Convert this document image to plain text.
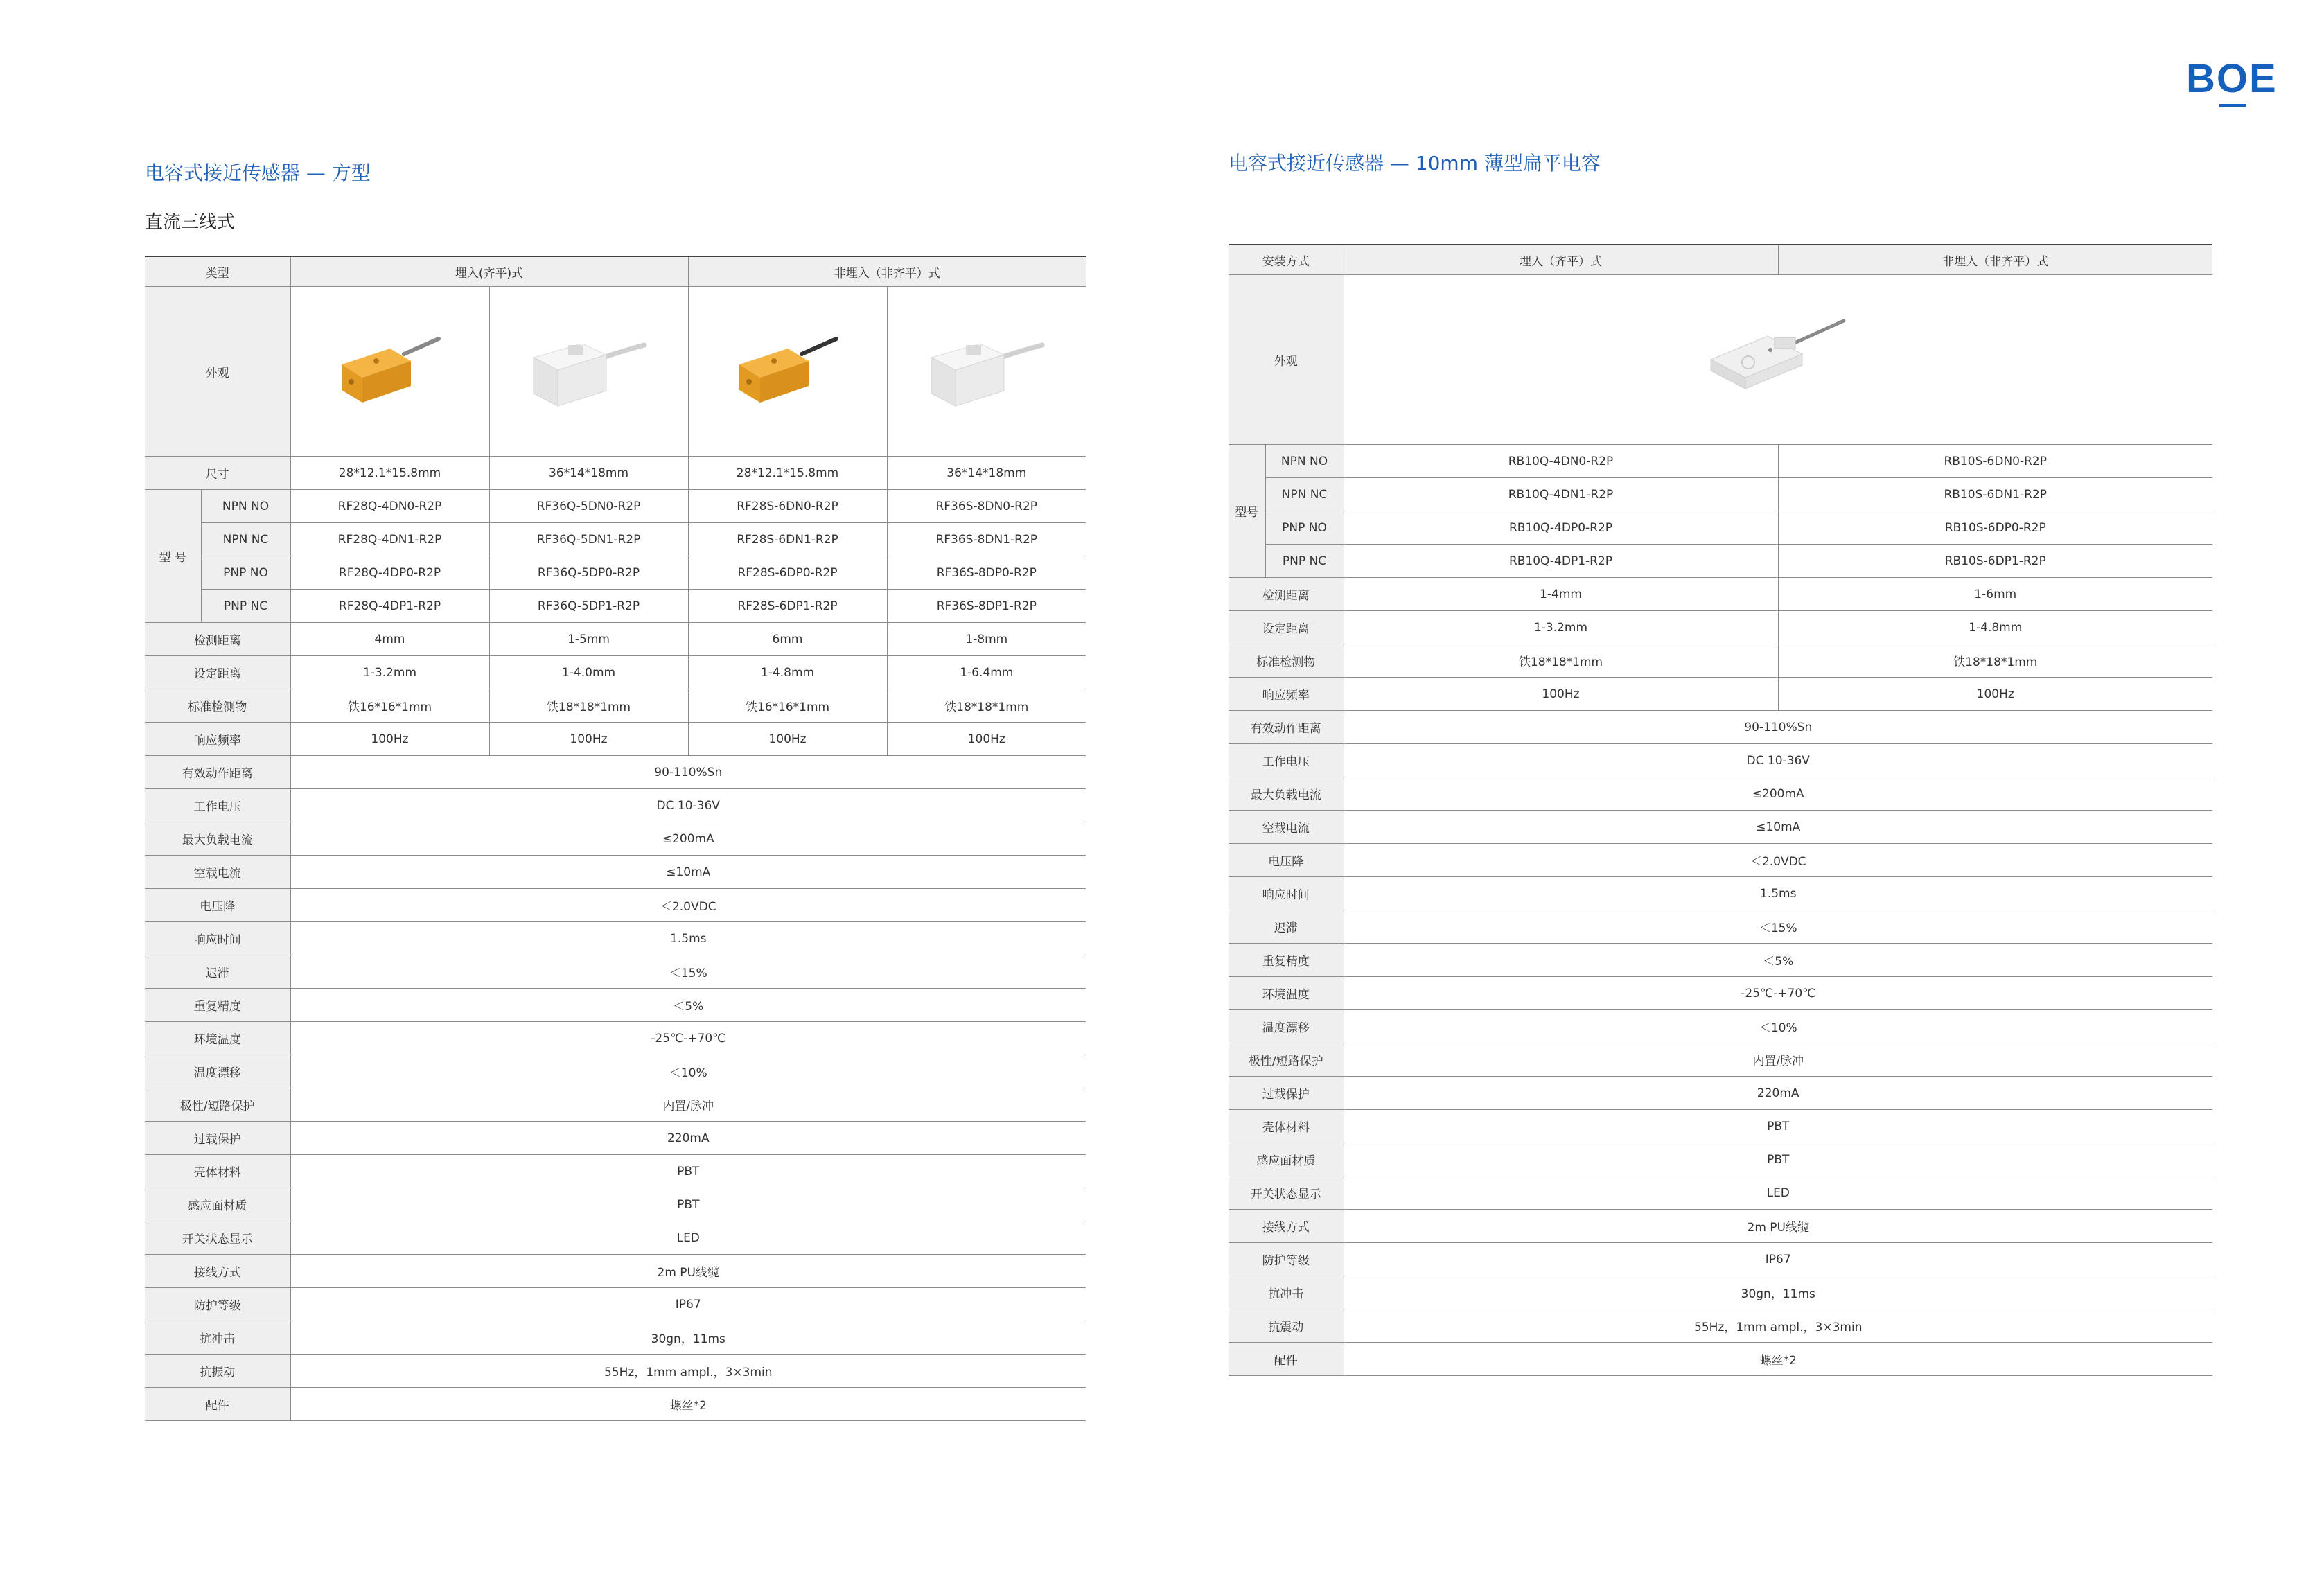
BOE
电容式接近传感器 — 方型
直流三线式
类型		埋入(齐平)式		非埋入（非齐平）式	
外观				
尺寸		28*12.1*15.8mm	36*14*18mm	28*12.1*15.8mm	36*14*18mm
型 号	NPN NO	RF28Q-4DN0-R2P	RF36Q-5DN0-R2P	RF28S-6DN0-R2P	RF36S-8DN0-R2P
	NPN NC	RF28Q-4DN1-R2P	RF36Q-5DN1-R2P	RF28S-6DN1-R2P	RF36S-8DN1-R2P
	PNP NO	RF28Q-4DP0-R2P	RF36Q-5DP0-R2P	RF28S-6DP0-R2P	RF36S-8DP0-R2P
	PNP NC	RF28Q-4DP1-R2P	RF36Q-5DP1-R2P	RF28S-6DP1-R2P	RF36S-8DP1-R2P
检测距离		4mm	1-5mm	6mm	1-8mm
设定距离		1-3.2mm	1-4.0mm	1-4.8mm	1-6.4mm
标准检测物		铁16*16*1mm	铁18*18*1mm	铁16*16*1mm	铁18*18*1mm
响应频率		100Hz	100Hz	100Hz	100Hz
有效动作距离		90-110%Sn			
工作电压		DC 10-36V			
最大负载电流		≤200mA			
空载电流		≤10mA			
电压降		＜2.0VDC			
响应时间		1.5ms			
迟滞		＜15%			
重复精度		＜5%			
环境温度		-25℃-+70℃			
温度漂移		＜10%			
极性/短路保护		内置/脉冲			
过载保护		220mA			
壳体材料		PBT			
感应面材质		PBT			
开关状态显示		LED			
接线方式		2m PU线缆			
防护等级		IP67			
抗冲击		30gn，11ms			
抗振动		55Hz，1mm ampl.，3×3min			
配件		螺丝*2			
电容式接近传感器 — 10mm 薄型扁平电容
安装方式		埋入（齐平）式	非埋入（非齐平）式
外观	
型号	NPN NO	RB10Q-4DN0-R2P	RB10S-6DN0-R2P
	NPN NC	RB10Q-4DN1-R2P	RB10S-6DN1-R2P
	PNP NO	RB10Q-4DP0-R2P	RB10S-6DP0-R2P
	PNP NC	RB10Q-4DP1-R2P	RB10S-6DP1-R2P
检测距离		1-4mm	1-6mm
设定距离		1-3.2mm	1-4.8mm
标准检测物		铁18*18*1mm	铁18*18*1mm
响应频率		100Hz	100Hz
有效动作距离		90-110%Sn	
工作电压		DC 10-36V	
最大负载电流		≤200mA	
空载电流		≤10mA	
电压降		＜2.0VDC	
响应时间		1.5ms	
迟滞		＜15%	
重复精度		＜5%	
环境温度		-25℃-+70℃	
温度漂移		＜10%	
极性/短路保护		内置/脉冲	
过载保护		220mA	
壳体材料		PBT	
感应面材质		PBT	
开关状态显示		LED	
接线方式		2m PU线缆	
防护等级		IP67	
抗冲击		30gn，11ms	
抗震动		55Hz，1mm ampl.，3×3min	
配件		螺丝*2	
